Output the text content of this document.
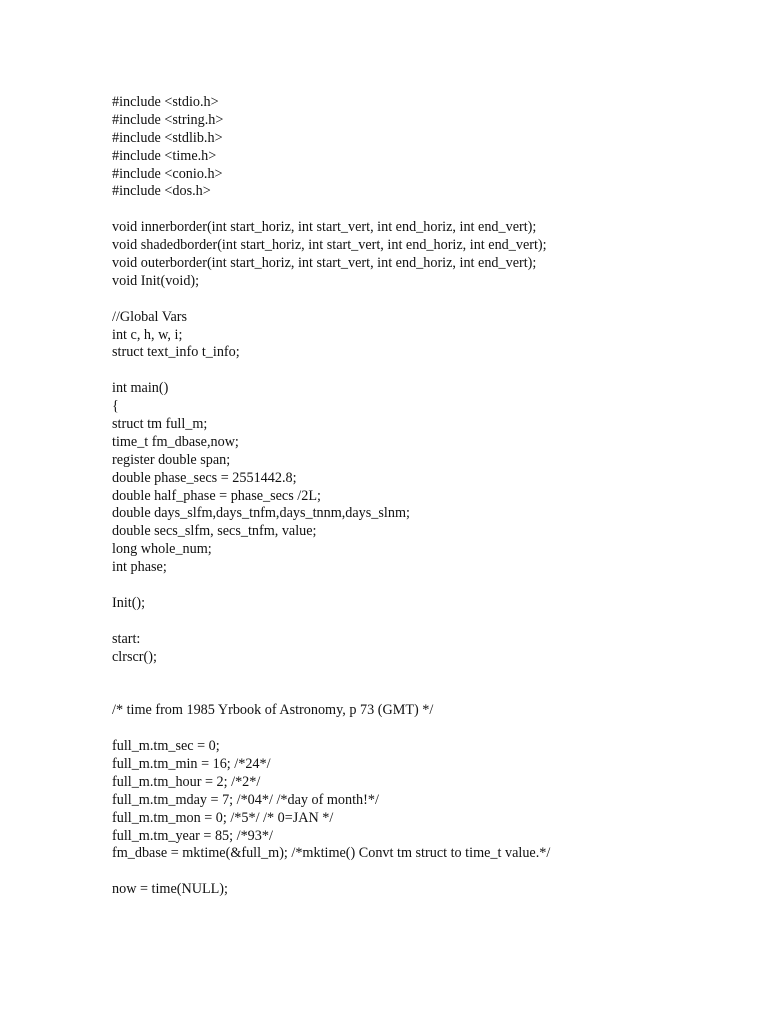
#include <stdio.h>
#include <string.h>
#include <stdlib.h>
#include <time.h>
#include <conio.h>
#include <dos.h>
void innerborder(int start_horiz, int start_vert, int end_horiz, int end_vert);
void shadedborder(int start_horiz, int start_vert, int end_horiz, int end_vert);
void outerborder(int start_horiz, int start_vert, int end_horiz, int end_vert);
void Init(void);
//Global Vars
int c, h, w, i;
struct text_info t_info;
int main()
{
struct tm full_m;
time_t fm_dbase,now;
register double span;
double phase_secs = 2551442.8;
double half_phase = phase_secs /2L;
double days_slfm,days_tnfm,days_tnnm,days_slnm;
double secs_slfm, secs_tnfm, value;
long whole_num;
int phase;
Init();
start:
clrscr();
/* time from 1985 Yrbook of Astronomy, p 73 (GMT) */
full_m.tm_sec = 0;
full_m.tm_min = 16; /*24*/
full_m.tm_hour = 2; /*2*/
full_m.tm_mday = 7; /*04*/ /*day of month!*/
full_m.tm_mon = 0; /*5*/ /* 0=JAN */
full_m.tm_year = 85; /*93*/
fm_dbase = mktime(&full_m); /*mktime() Convt tm struct to time_t value.*/
now = time(NULL);
